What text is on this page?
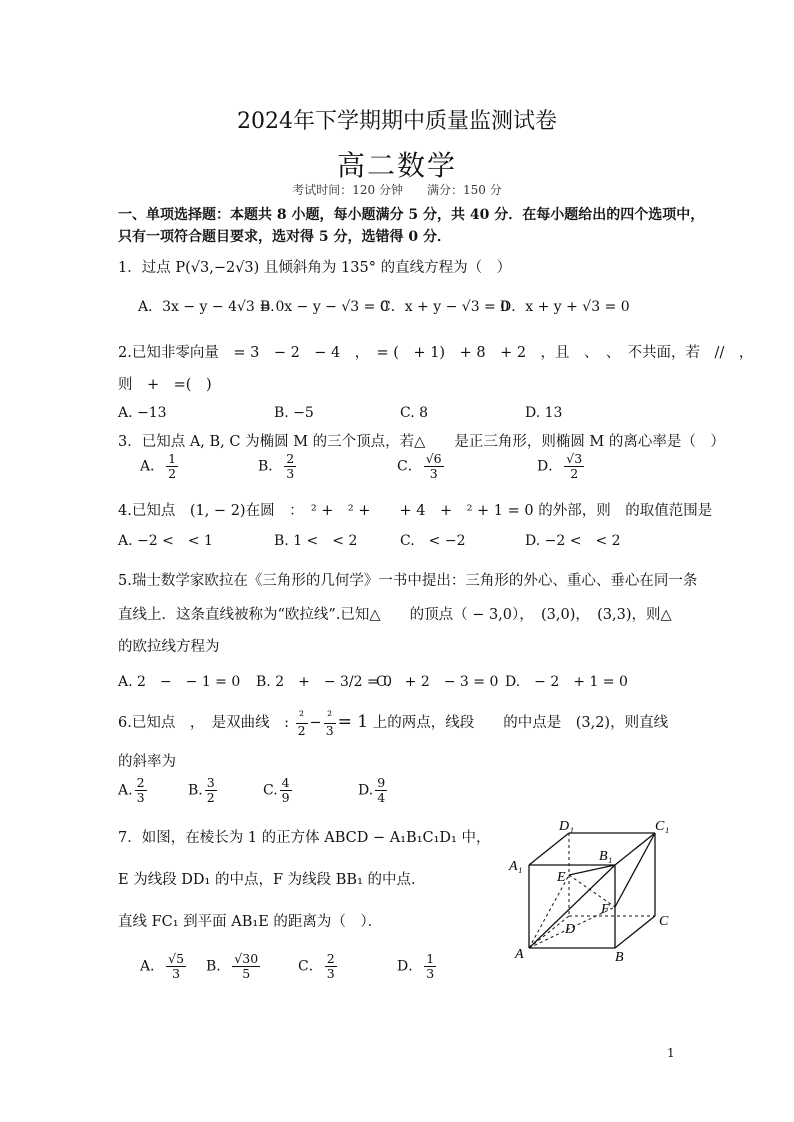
2024年下学期期中质量监测试卷
高二数学
考试时间：120 分钟　　满分：150 分
一、单项选择题：本题共 8 小题，每小题满分 5 分，共 40 分．在每小题给出的四个选项中，
只有一项符合题目要求，选对得 5 分，选错得 0 分．
1．过点 P(√3,−2√3) 且倾斜角为 135° 的直线方程为（　）
A．3x − y − 4√3 = 0
B．x − y − √3 = 0
C．x + y − √3 = 0
D．x + y + √3 = 0
2.已知非零向量　= 3　− 2　− 4　，　= (　+ 1)　+ 8　+ 2　，且　、　、　不共面，若　//　，
则　+　=(　)
A. −13	B. −5	C. 8	D. 13
3．已知点 A, B, C 为椭圆 M 的三个顶点，若△　　是正三角形，则椭圆 M 的离心率是（　）
A． $\frac{1}{2}$	B． $\frac{2}{3}$	C． $\frac{√6}{3}$	D． $\frac{√3}{2}$
4.已知点　(1, − 2)在圆　：　² +　² +　　+ 4　+　² + 1 = 0 的外部，则　的取值范围是
A. −2 <　< 1	B. 1 <　< 2	C.　< −2	D. −2 <　< 2
5.瑞士数学家欧拉在《三角形的几何学》一书中提出：三角形的外心、重心、垂心在同一条
直线上．这条直线被称为“欧拉线”.已知△　　的顶点（ − 3,0），　(3,0)，　(3,3)，则△
的欧拉线方程为
A. 2　−　− 1 = 0 B. 2　+　− 3/2 = 0
C.　+ 2　− 3 = 0 D.　− 2　+ 1 = 0
6.已知点　，　是双曲线　: $\frac{\text{²}}{2} - \frac{\text{²}}{3} = 1$ 上的两点，线段　　的中点是　(3,2)，则直线
的斜率为
A. $\frac{2}{3}$	B. $\frac{3}{2}$	C. $\frac{4}{9}$	D. $\frac{9}{4}$
7．如图，在棱长为 1 的正方体 ABCD − A₁B₁C₁D₁ 中，
E 为线段 DD₁ 的中点，F 为线段 BB₁ 的中点．
直线 FC₁ 到平面 AB₁E 的距离为（　）．
A． $\frac{√5}{3}$ B． $\frac{√30}{5}$	C． $\frac{2}{3}$	D． $\frac{1}{3}$
D₁	C₁
A₁
B₁
E
F
C
D
A	B
1
